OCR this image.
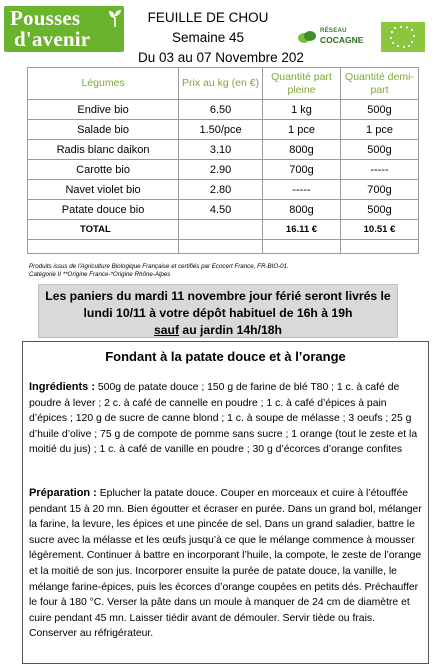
Pousses
d'avenir
FEUILLE DE CHOU
Semaine 45
Du 03 au 07 Novembre 202
RÉSEAU
COCAGNE
Légumes	Prix au kg (en €)	Quantité part pleine	Quantité demi-part
Endive bio	6.50	1 kg	500g
Salade bio	1.50/pce	1 pce	1 pce
Radis blanc daikon	3.10	800g	500g
Carotte bio	2.90	700g	-----
Navet violet bio	2.80	-----	700g
Patate douce bio	4.50	800g	500g
TOTAL		16.11 €	10.51 €

Produits issus de l'Agriculture Biologique Française et certifiés par Ecocert France, FR-BIO-01.
Catégorie II **Origine France-*Origine Rhône-Alpes
Les paniers du mardi 11 novembre jour férié seront livrés le
lundi 10/11 à votre dépôt habituel de 16h à 19h
sauf au jardin 14h/18h
Fondant à la patate douce et à l’orange
Ingrédients : 500g de patate douce ; 150 g de farine de blé T80 ; 1 c. à café de poudre à lever ; 2 c. à café de cannelle en poudre ; 1 c. à café d’épices à pain d’épices ; 120 g de sucre de canne blond ; 1 c. à soupe de mélasse ; 3 oeufs ; 25 g d’huile d’olive ; 75 g de compote de pomme sans sucre ; 1 orange (tout le zeste et la moitié du jus) ; 1 c. à café de vanille en poudre ; 30 g d’écorces d’orange confites
Préparation : Eplucher la patate douce. Couper en morceaux et cuire à l’étouffée pendant 15 à 20 mn. Bien égoutter et écraser en purée. Dans un grand bol, mélanger la farine, la levure, les épices et une pincée de sel. Dans un grand saladier, battre le sucre avec la mélasse et les œufs jusqu’à ce que le mélange commence à mousser légèrement. Continuer à battre en incorporant l’huile, la compote, le zeste de l’orange et la moitié de son jus. Incorporer ensuite la purée de patate douce, la vanille, le mélange farine-épices, puis les écorces d’orange coupées en petits dés. Préchauffer le four à 180 °C. Verser la pâte dans un moule à manquer de 24 cm de diamètre et cuire pendant 45 mn. Laisser tiédir avant de démouler. Servir tiède ou frais. Conserver au réfrigérateur.
